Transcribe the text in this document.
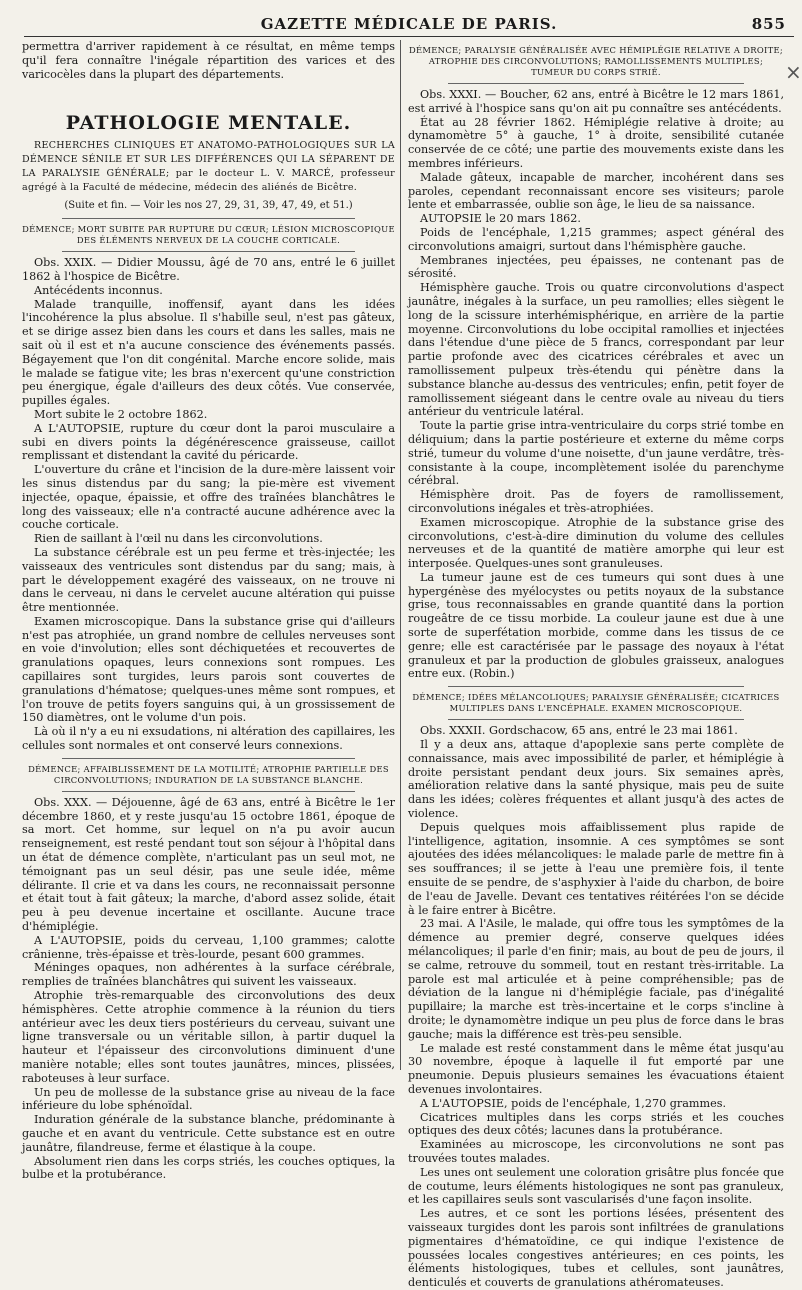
GAZETTE MÉDICALE DE PARIS.	855
×

permettra d'arriver rapidement à ce résultat, en même temps qu'il fera connaître l'inégale répartition des varices et des varicocèles dans la plupart des départements.

PATHOLOGIE MENTALE.

RECHERCHES CLINIQUES ET ANATOMO-PATHOLOGIQUES SUR LA DÉMENCE SÉNILE ET SUR LES DIFFÉRENCES QUI LA SÉPARENT DE LA PARALYSIE GÉNÉRALE; par le docteur L. V. MARCÉ, professeur agrégé à la Faculté de médecine, médecin des aliénés de Bicêtre.

(Suite et fin. — Voir les nos 27, 29, 31, 39, 47, 49, et 51.)

DÉMENCE; MORT SUBITE PAR RUPTURE DU CŒUR; LÉSION MICROSCOPIQUE DES ÉLÉMENTS NERVEUX DE LA COUCHE CORTICALE.

Obs. XXIX. — Didier Moussu, âgé de 70 ans, entré le 6 juillet 1862 à l'hospice de Bicêtre.

Antécédents inconnus.

Malade tranquille, inoffensif, ayant dans les idées l'incohérence la plus absolue. Il s'habille seul, n'est pas gâteux, et se dirige assez bien dans les cours et dans les salles, mais ne sait où il est et n'a aucune conscience des événements passés. Bégayement que l'on dit congénital. Marche encore solide, mais le malade se fatigue vite; les bras n'exercent qu'une constriction peu énergique, égale d'ailleurs des deux côtés. Vue conservée, pupilles égales.

Mort subite le 2 octobre 1862.

A L'AUTOPSIE, rupture du cœur dont la paroi musculaire a subi en divers points la dégénérescence graisseuse, caillot remplissant et distendant la cavité du péricarde.

L'ouverture du crâne et l'incision de la dure-mère laissent voir les sinus distendus par du sang; la pie-mère est vivement injectée, opaque, épaissie, et offre des traînées blanchâtres le long des vaisseaux; elle n'a contracté aucune adhérence avec la couche corticale.

Rien de saillant à l'œil nu dans les circonvolutions.

La substance cérébrale est un peu ferme et très-injectée; les vaisseaux des ventricules sont distendus par du sang; mais, à part le développement exagéré des vaisseaux, on ne trouve ni dans le cerveau, ni dans le cervelet aucune altération qui puisse être mentionnée.

Examen microscopique. Dans la substance grise qui d'ailleurs n'est pas atrophiée, un grand nombre de cellules nerveuses sont en voie d'involution; elles sont déchiquetées et recouvertes de granulations opaques, leurs connexions sont rompues. Les capillaires sont turgides, leurs parois sont couvertes de granulations d'hématose; quelques-unes même sont rompues, et l'on trouve de petits foyers sanguins qui, à un grossissement de 150 diamètres, ont le volume d'un pois.

Là où il n'y a eu ni exsudations, ni altération des capillaires, les cellules sont normales et ont conservé leurs connexions.

DÉMENCE; AFFAIBLISSEMENT DE LA MOTILITÉ; ATROPHIE PARTIELLE DES CIRCONVOLUTIONS; INDURATION DE LA SUBSTANCE BLANCHE.

Obs. XXX. — Déjouenne, âgé de 63 ans, entré à Bicêtre le 1er décembre 1860, et y reste jusqu'au 15 octobre 1861, époque de sa mort. Cet homme, sur lequel on n'a pu avoir aucun renseignement, est resté pendant tout son séjour à l'hôpital dans un état de démence complète, n'articulant pas un seul mot, ne témoignant pas un seul désir, pas une seule idée, même délirante. Il crie et va dans les cours, ne reconnaissait personne et était tout à fait gâteux; la marche, d'abord assez solide, était peu à peu devenue incertaine et oscillante. Aucune trace d'hémiplégie.

A L'AUTOPSIE, poids du cerveau, 1,100 grammes; calotte crânienne, très-épaisse et très-lourde, pesant 600 grammes.

Méninges opaques, non adhérentes à la surface cérébrale, remplies de traînées blanchâtres qui suivent les vaisseaux.

Atrophie très-remarquable des circonvolutions des deux hémisphères. Cette atrophie commence à la réunion du tiers antérieur avec les deux tiers postérieurs du cerveau, suivant une ligne transversale ou un véritable sillon, à partir duquel la hauteur et l'épaisseur des circonvolutions diminuent d'une manière notable; elles sont toutes jaunâtres, minces, plissées, raboteuses à leur surface.

Un peu de mollesse de la substance grise au niveau de la face inférieure du lobe sphénoïdal.

Induration générale de la substance blanche, prédominante à gauche et en avant du ventricule. Cette substance est en outre jaunâtre, filandreuse, ferme et élastique à la coupe.

Absolument rien dans les corps striés, les couches optiques, la bulbe et la protubérance.

DÉMENCE; PARALYSIE GÉNÉRALISÉE AVEC HÉMIPLÉGIE RELATIVE A DROITE; ATROPHIE DES CIRCONVOLUTIONS; RAMOLLISSEMENTS MULTIPLES; TUMEUR DU CORPS STRIÉ.

Obs. XXXI. — Boucher, 62 ans, entré à Bicêtre le 12 mars 1861, est arrivé à l'hospice sans qu'on ait pu connaître ses antécédents.

État au 28 février 1862. Hémiplégie relative à droite; au dynamomètre 5° à gauche, 1° à droite, sensibilité cutanée conservée de ce côté; une partie des mouvements existe dans les membres inférieurs.

Malade gâteux, incapable de marcher, incohérent dans ses paroles, cependant reconnaissant encore ses visiteurs; parole lente et embarrassée, oublie son âge, le lieu de sa naissance.

AUTOPSIE le 20 mars 1862.

Poids de l'encéphale, 1,215 grammes; aspect général des circonvolutions amaigri, surtout dans l'hémisphère gauche.

Membranes injectées, peu épaisses, ne contenant pas de sérosité.

Hémisphère gauche. Trois ou quatre circonvolutions d'aspect jaunâtre, inégales à la surface, un peu ramollies; elles siègent le long de la scissure interhémisphérique, en arrière de la partie moyenne. Circonvolutions du lobe occipital ramollies et injectées dans l'étendue d'une pièce de 5 francs, correspondant par leur partie profonde avec des cicatrices cérébrales et avec un ramollissement pulpeux très-étendu qui pénètre dans la substance blanche au-dessus des ventricules; enfin, petit foyer de ramollissement siégeant dans le centre ovale au niveau du tiers antérieur du ventricule latéral.

Toute la partie grise intra-ventriculaire du corps strié tombe en déliquium; dans la partie postérieure et externe du même corps strié, tumeur du volume d'une noisette, d'un jaune verdâtre, très-consistante à la coupe, incomplètement isolée du parenchyme cérébral.

Hémisphère droit. Pas de foyers de ramollissement, circonvolutions inégales et très-atrophiées.

Examen microscopique. Atrophie de la substance grise des circonvolutions, c'est-à-dire diminution du volume des cellules nerveuses et de la quantité de matière amorphe qui leur est interposée. Quelques-unes sont granuleuses.

La tumeur jaune est de ces tumeurs qui sont dues à une hypergénèse des myélocystes ou petits noyaux de la substance grise, tous reconnaissables en grande quantité dans la portion rougeâtre de ce tissu morbide. La couleur jaune est due à une sorte de superfétation morbide, comme dans les tissus de ce genre; elle est caractérisée par le passage des noyaux à l'état granuleux et par la production de globules graisseux, analogues entre eux. (Robin.)

DÉMENCE; IDÉES MÉLANCOLIQUES; PARALYSIE GÉNÉRALISÉE; CICATRICES MULTIPLES DANS L'ENCÉPHALE. EXAMEN MICROSCOPIQUE.

Obs. XXXII. Gordschacow, 65 ans, entré le 23 mai 1861.

Il y a deux ans, attaque d'apoplexie sans perte complète de connaissance, mais avec impossibilité de parler, et hémiplégie à droite persistant pendant deux jours. Six semaines après, amélioration relative dans la santé physique, mais peu de suite dans les idées; colères fréquentes et allant jusqu'à des actes de violence.

Depuis quelques mois affaiblissement plus rapide de l'intelligence, agitation, insomnie. A ces symptômes se sont ajoutées des idées mélancoliques: le malade parle de mettre fin à ses souffrances; il se jette à l'eau une première fois, il tente ensuite de se pendre, de s'asphyxier à l'aide du charbon, de boire de l'eau de Javelle. Devant ces tentatives réitérées l'on se décide à le faire entrer à Bicêtre.

23 mai. A l'Asile, le malade, qui offre tous les symptômes de la démence au premier degré, conserve quelques idées mélancoliques; il parle d'en finir; mais, au bout de peu de jours, il se calme, retrouve du sommeil, tout en restant très-irritable. La parole est mal articulée et à peine compréhensible; pas de déviation de la langue ni d'hémiplégie faciale, pas d'inégalité pupillaire; la marche est très-incertaine et le corps s'incline à droite; le dynamomètre indique un peu plus de force dans le bras gauche; mais la différence est très-peu sensible.

Le malade est resté constamment dans le même état jusqu'au 30 novembre, époque à laquelle il fut emporté par une pneumonie. Depuis plusieurs semaines les évacuations étaient devenues involontaires.

A L'AUTOPSIE, poids de l'encéphale, 1,270 grammes.

Cicatrices multiples dans les corps striés et les couches optiques des deux côtés; lacunes dans la protubérance.

Examinées au microscope, les circonvolutions ne sont pas trouvées toutes malades.

Les unes ont seulement une coloration grisâtre plus foncée que de coutume, leurs éléments histologiques ne sont pas granuleux, et les capillaires seuls sont vascularisés d'une façon insolite.

Les autres, et ce sont les portions lésées, présentent des vaisseaux turgides dont les parois sont infiltrées de granulations pigmentaires d'hématoïdine, ce qui indique l'existence de poussées locales congestives antérieures; en ces points, les éléments histologiques, tubes et cellules, sont jaunâtres, denticulés et couverts de granulations athéromateuses.
